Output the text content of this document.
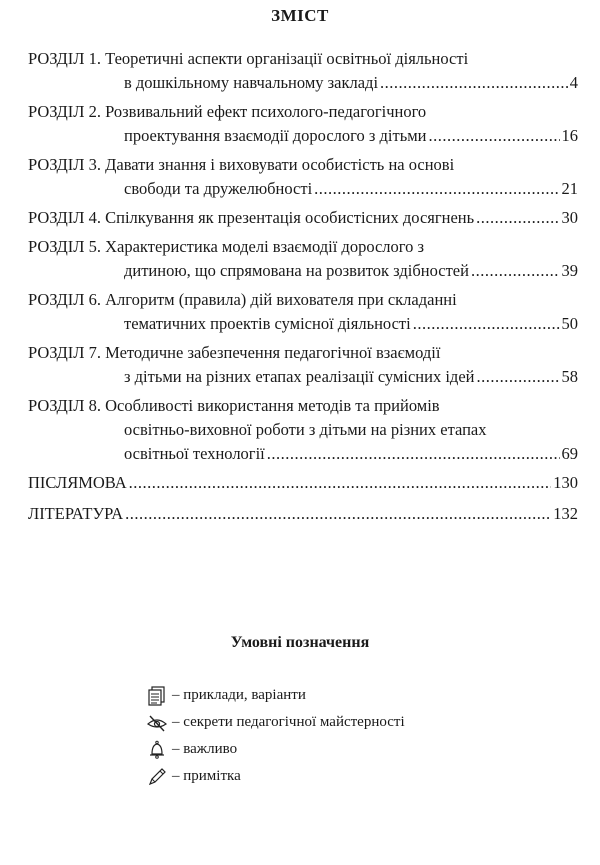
ЗМІСТ
РОЗДІЛ 1. Теоретичні аспекти організації освітньої діяльності
в дошкільному навчальному закладі .....	4
РОЗДІЛ 2. Розвивальний ефект психолого-педагогічного
проектування взаємодії дорослого з дітьми .....	16
РОЗДІЛ 3. Давати знання і виховувати особистість на основі
свободи та дружелюбності .....	21
РОЗДІЛ 4. Спілкування як презентація особистісних досягнень .....	30
РОЗДІЛ 5. Характеристика моделі взаємодії дорослого з
дитиною, що спрямована на розвиток здібностей .....	39
РОЗДІЛ 6. Алгоритм (правила) дій вихователя при складанні
тематичних проектів сумісної діяльності .....	50
РОЗДІЛ 7. Методичне забезпечення педагогічної взаємодії
з дітьми на різних етапах реалізації сумісних ідей .....	58
РОЗДІЛ 8. Особливості використання методів та прийомів
освітньо-виховної роботи з дітьми на різних етапах
освітньої технології .....	69
ПІСЛЯМОВА .....	130
ЛІТЕРАТУРА .....	132
Умовні позначення
– приклади, варіанти
– секрети педагогічної майстерності
– важливо
– примітка
